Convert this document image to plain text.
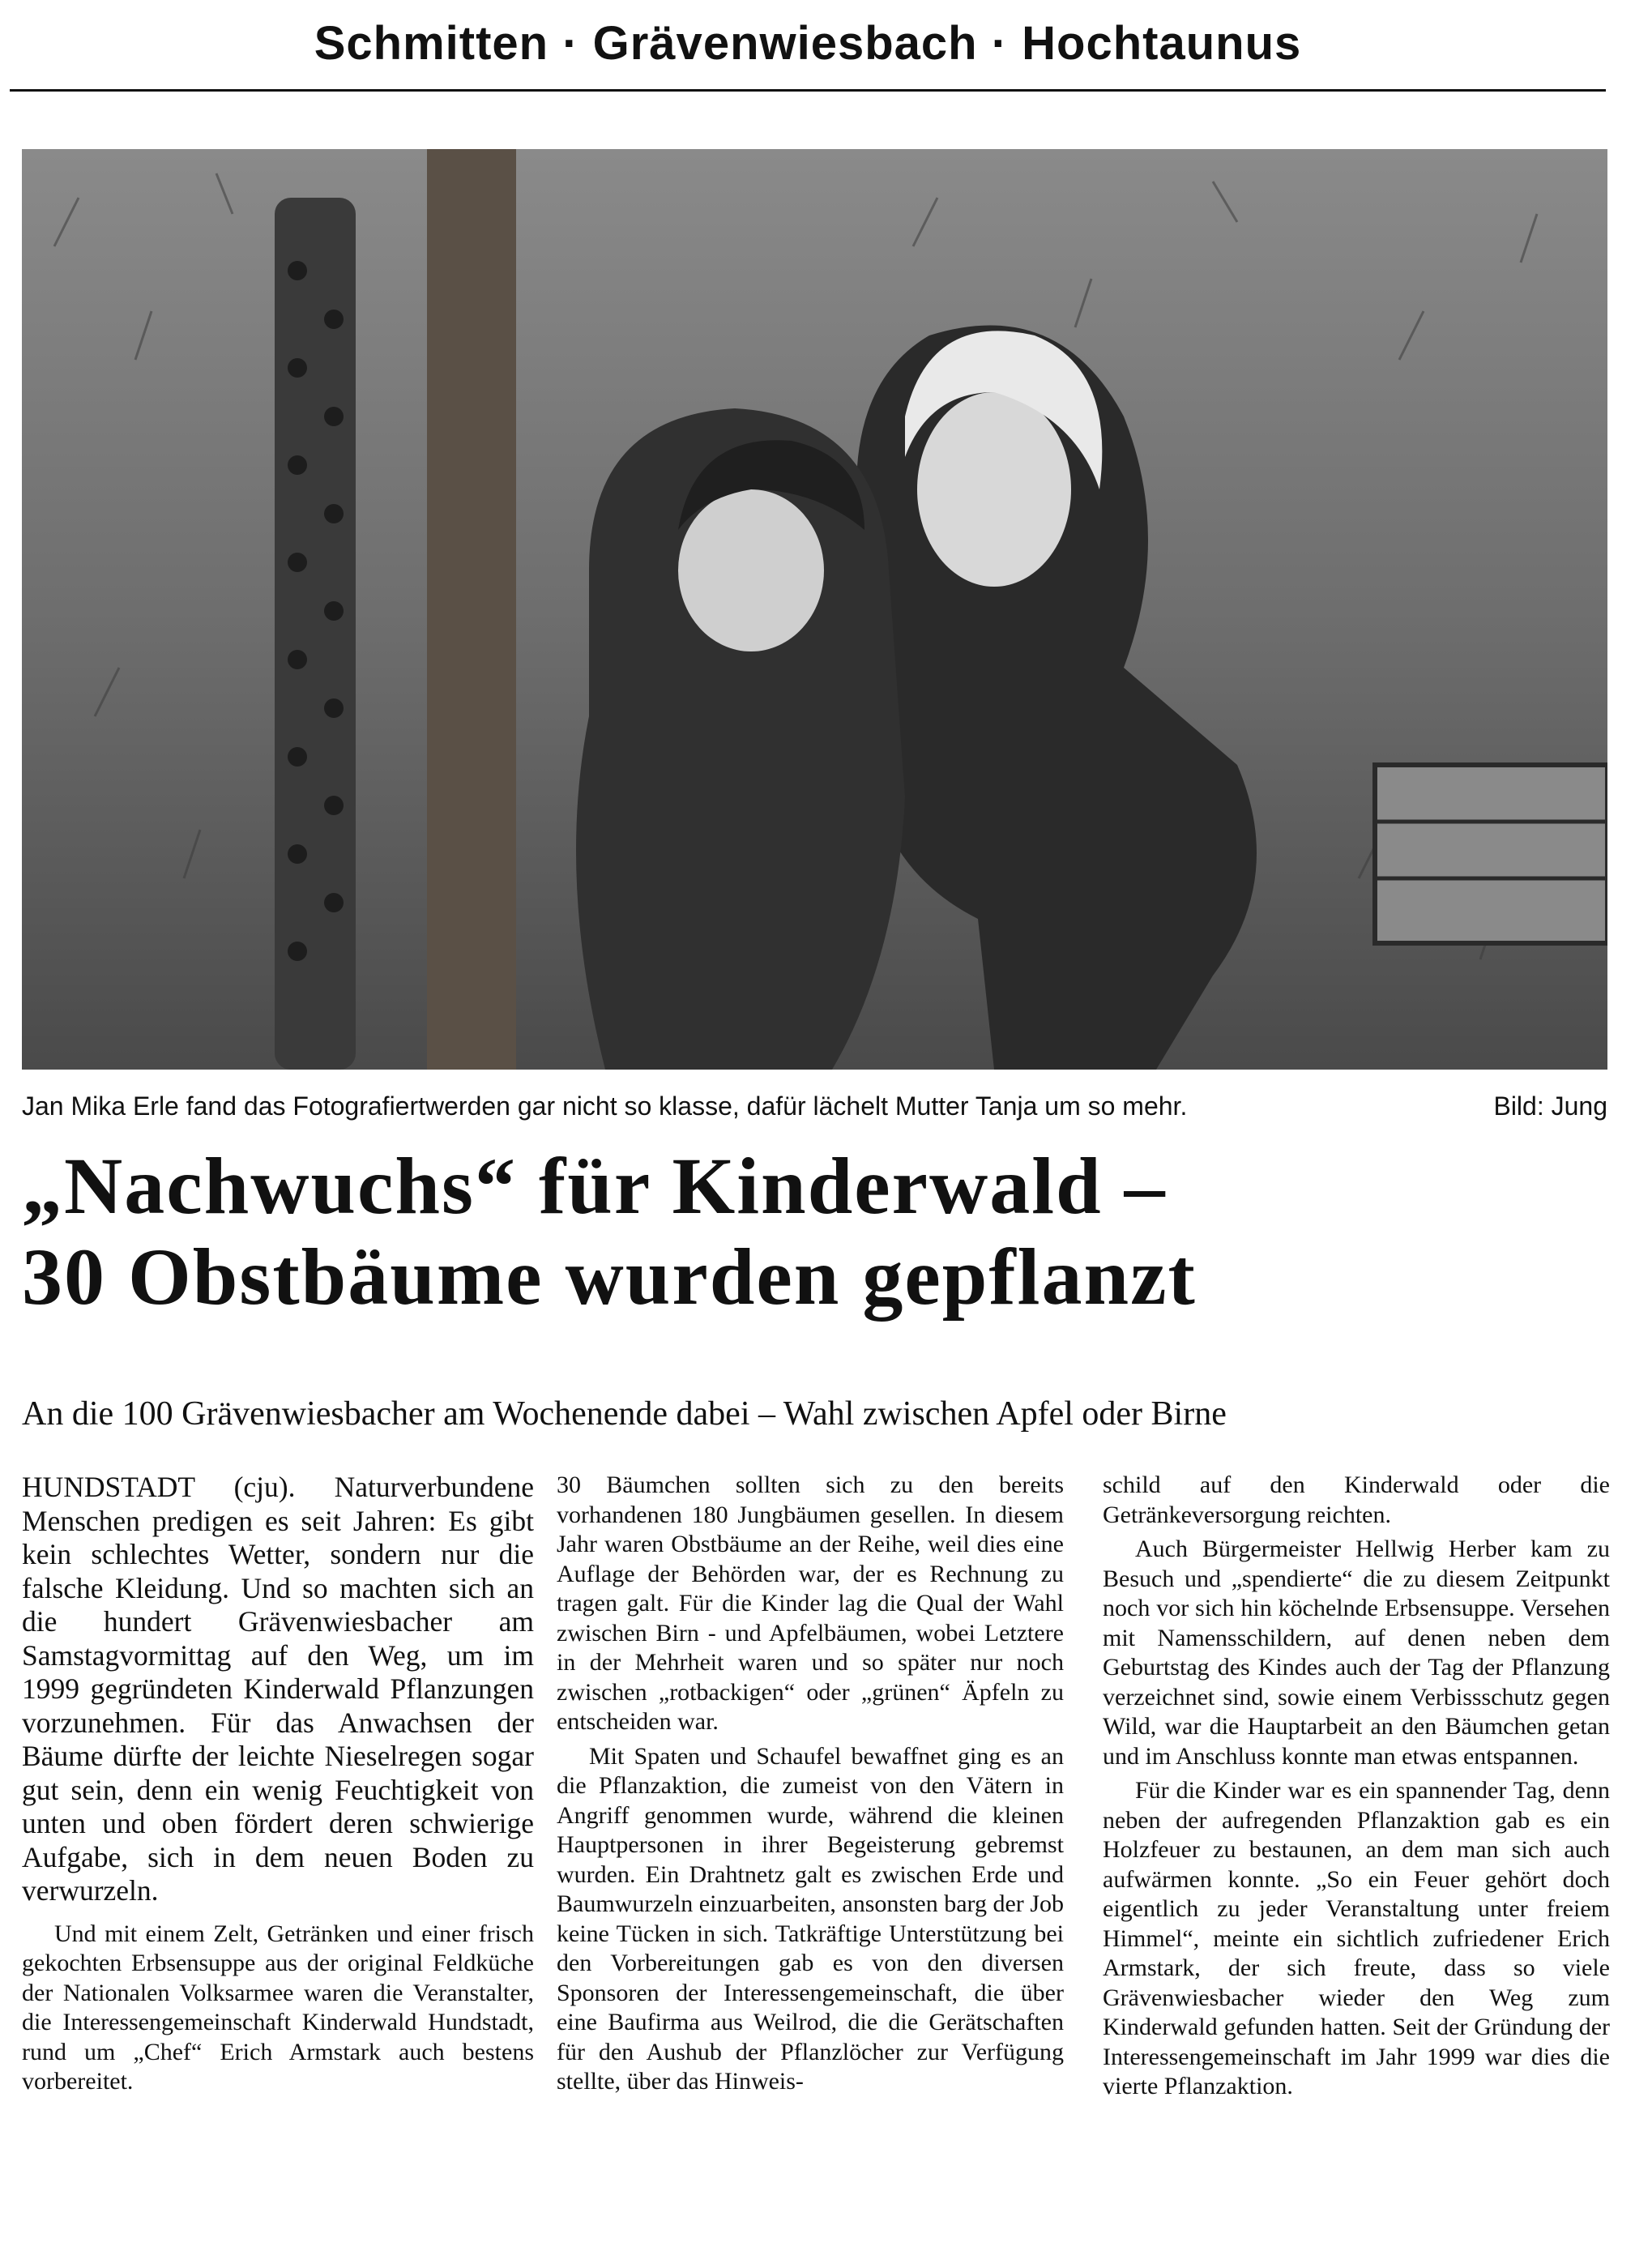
Schmitten · Grävenwiesbach · Hochtaunus
Jan Mika Erle fand das Fotografiertwerden gar nicht so klasse, dafür lächelt Mutter Tanja um so mehr.	Bild: Jung
„Nachwuchs“ für Kinderwald –
30 Obstbäume wurden gepflanzt
An die 100 Grävenwiesbacher am Wochenende dabei – Wahl zwischen Apfel oder Birne

HUNDSTADT (cju). Naturverbundene Menschen predigen es seit Jahren: Es gibt kein schlechtes Wetter, sondern nur die falsche Kleidung. Und so machten sich an die hundert Grävenwiesbacher am Samstagvormittag auf den Weg, um im 1999 gegründeten Kinderwald Pflanzungen vorzunehmen. Für das Anwachsen der Bäume dürfte der leichte Nieselregen sogar gut sein, denn ein wenig Feuchtigkeit von unten und oben fördert deren schwierige Aufgabe, sich in dem neuen Boden zu verwurzeln.

Und mit einem Zelt, Getränken und einer frisch gekochten Erbsensuppe aus der original Feldküche der Nationalen Volksarmee waren die Veranstalter, die Interessengemeinschaft Kinderwald Hundstadt, rund um „Chef“ Erich Armstark auch bestens vorbereitet.

30 Bäumchen sollten sich zu den bereits vorhandenen 180 Jungbäumen gesellen. In diesem Jahr waren Obstbäume an der Reihe, weil dies eine Auflage der Behörden war, der es Rechnung zu tragen galt. Für die Kinder lag die Qual der Wahl zwischen Birn - und Apfelbäumen, wobei Letztere in der Mehrheit waren und so später nur noch zwischen „rotbackigen“ oder „grünen“ Äpfeln zu entscheiden war.

Mit Spaten und Schaufel bewaffnet ging es an die Pflanzaktion, die zumeist von den Vätern in Angriff genommen wurde, während die kleinen Hauptpersonen in ihrer Begeisterung gebremst wurden. Ein Drahtnetz galt es zwischen Erde und Baumwurzeln einzuarbeiten, ansonsten barg der Job keine Tücken in sich. Tatkräftige Unterstützung bei den Vorbereitungen gab es von den diversen Sponsoren der Interessengemeinschaft, die über eine Baufirma aus Weilrod, die die Gerätschaften für den Aushub der Pflanzlöcher zur Verfügung stellte, über das Hinweis-

schild auf den Kinderwald oder die Getränkeversorgung reichten.

Auch Bürgermeister Hellwig Herber kam zu Besuch und „spendierte“ die zu diesem Zeitpunkt noch vor sich hin köchelnde Erbsensuppe. Versehen mit Namensschildern, auf denen neben dem Geburtstag des Kindes auch der Tag der Pflanzung verzeichnet sind, sowie einem Verbissschutz gegen Wild, war die Hauptarbeit an den Bäumchen getan und im Anschluss konnte man etwas entspannen.

Für die Kinder war es ein spannender Tag, denn neben der aufregenden Pflanzaktion gab es ein Holzfeuer zu bestaunen, an dem man sich auch aufwärmen konnte. „So ein Feuer gehört doch eigentlich zu jeder Veranstaltung unter freiem Himmel“, meinte ein sichtlich zufriedener Erich Armstark, der sich freute, dass so viele Grävenwiesbacher wieder den Weg zum Kinderwald gefunden hatten. Seit der Gründung der Interessengemeinschaft im Jahr 1999 war dies die vierte Pflanzaktion.
